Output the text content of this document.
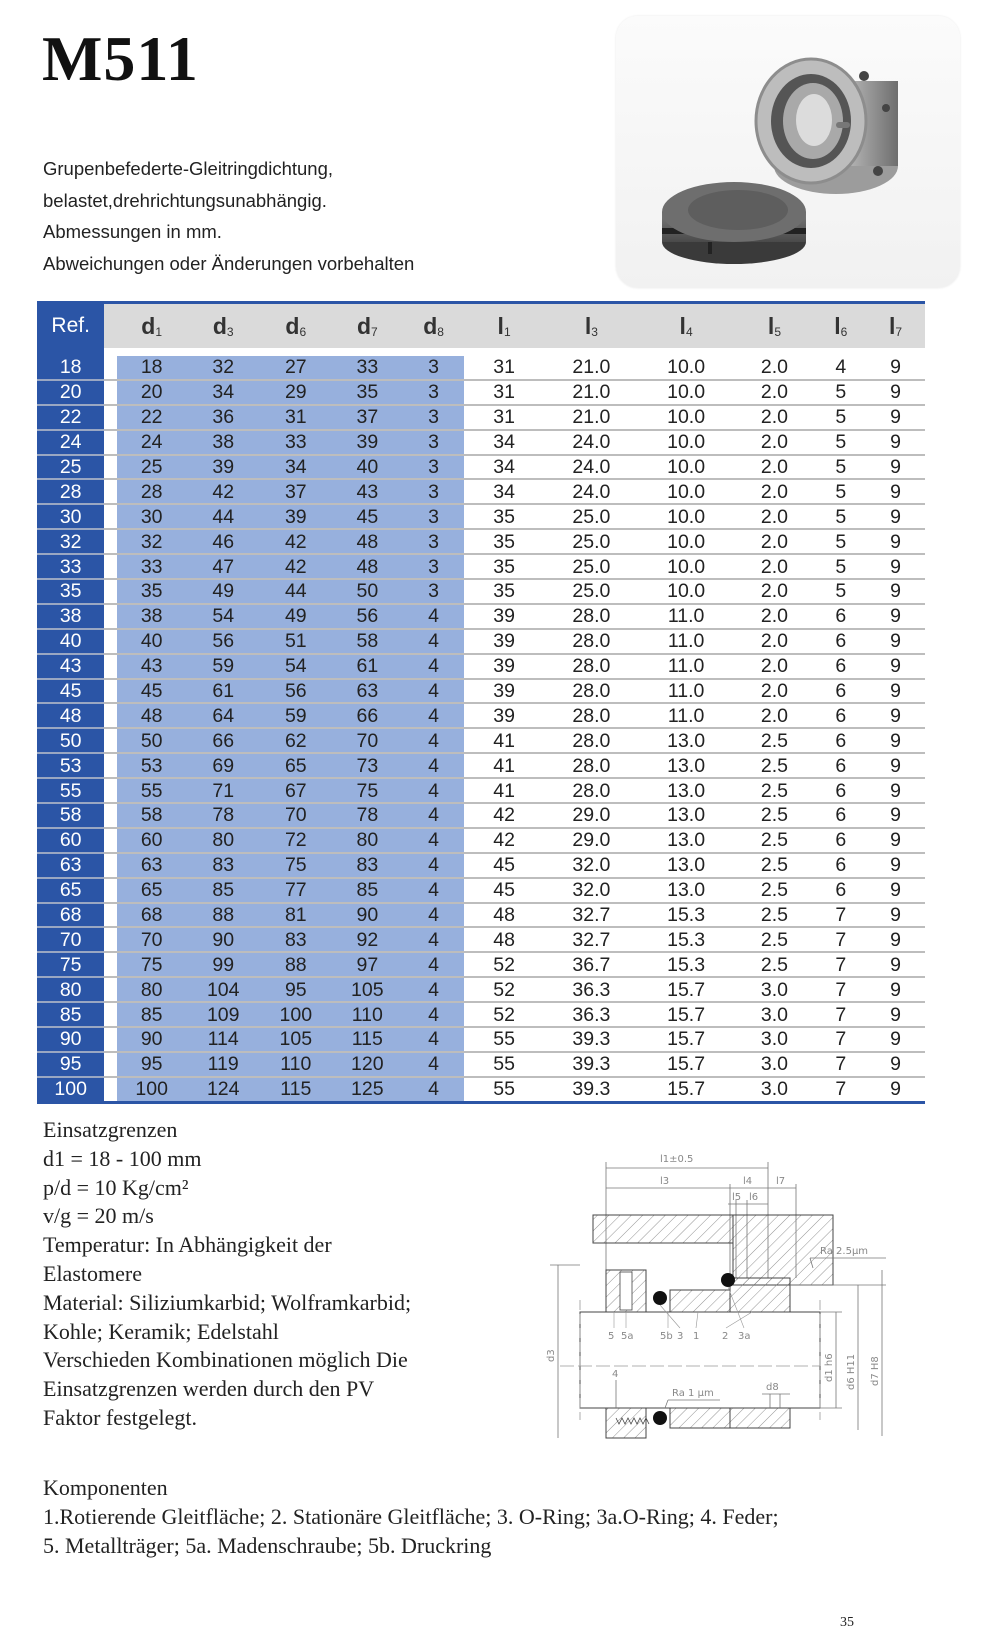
M511
Grupenbefederte-Gleitringdichtung,
belastet,drehrichtungsunabhängig.
Abmessungen in mm.
Abweichungen oder Änderungen vorbehalten
Ref.		$d_1$	$d_3$	$d_6$	$d_7$	$d_8$	$l_1$	$l_3$	$l_4$	$l_5$	$l_6$	$l_7$

18		18	32	27	33	3	31	21.0	10.0	2.0	4	9
20		20	34	29	35	3	31	21.0	10.0	2.0	5	9
22		22	36	31	37	3	31	21.0	10.0	2.0	5	9
24		24	38	33	39	3	34	24.0	10.0	2.0	5	9
25		25	39	34	40	3	34	24.0	10.0	2.0	5	9
28		28	42	37	43	3	34	24.0	10.0	2.0	5	9
30		30	44	39	45	3	35	25.0	10.0	2.0	5	9
32		32	46	42	48	3	35	25.0	10.0	2.0	5	9
33		33	47	42	48	3	35	25.0	10.0	2.0	5	9
35		35	49	44	50	3	35	25.0	10.0	2.0	5	9
38		38	54	49	56	4	39	28.0	11.0	2.0	6	9
40		40	56	51	58	4	39	28.0	11.0	2.0	6	9
43		43	59	54	61	4	39	28.0	11.0	2.0	6	9
45		45	61	56	63	4	39	28.0	11.0	2.0	6	9
48		48	64	59	66	4	39	28.0	11.0	2.0	6	9
50		50	66	62	70	4	41	28.0	13.0	2.5	6	9
53		53	69	65	73	4	41	28.0	13.0	2.5	6	9
55		55	71	67	75	4	41	28.0	13.0	2.5	6	9
58		58	78	70	78	4	42	29.0	13.0	2.5	6	9
60		60	80	72	80	4	42	29.0	13.0	2.5	6	9
63		63	83	75	83	4	45	32.0	13.0	2.5	6	9
65		65	85	77	85	4	45	32.0	13.0	2.5	6	9
68		68	88	81	90	4	48	32.7	15.3	2.5	7	9
70		70	90	83	92	4	48	32.7	15.3	2.5	7	9
75		75	99	88	97	4	52	36.7	15.3	2.5	7	9
80		80	104	95	105	4	52	36.3	15.7	3.0	7	9
85		85	109	100	110	4	52	36.3	15.7	3.0	7	9
90		90	114	105	115	4	55	39.3	15.7	3.0	7	9
95		95	119	110	120	4	55	39.3	15.7	3.0	7	9
100		100	124	115	125	4	55	39.3	15.7	3.0	7	9
Einsatzgrenzen
d1 = 18 - 100 mm
p/d = 10 Kg/cm²
v/g = 20 m/s
Temperatur: In Abhängigkeit der
Elastomere
Material: Siliziumkarbid; Wolframkarbid;
Kohle; Keramik; Edelstahl
Verschieden Kombinationen möglich Die
Einsatzgrenzen werden durch den PV
Faktor festgelegt.
l1±0.5
l3	l4 l7
l5 l6
Ra 2.5μm
5 5a	5b 3 1 2 3a
4
Ra 1 μm
d8
d3	d1 h6 d6 H11 d7 H8
Komponenten
1.Rotierende Gleitfläche; 2. Stationäre Gleitfläche; 3. O-Ring; 3a.O-Ring; 4. Feder;
5. Metallträger; 5a. Madenschraube; 5b. Druckring
35
